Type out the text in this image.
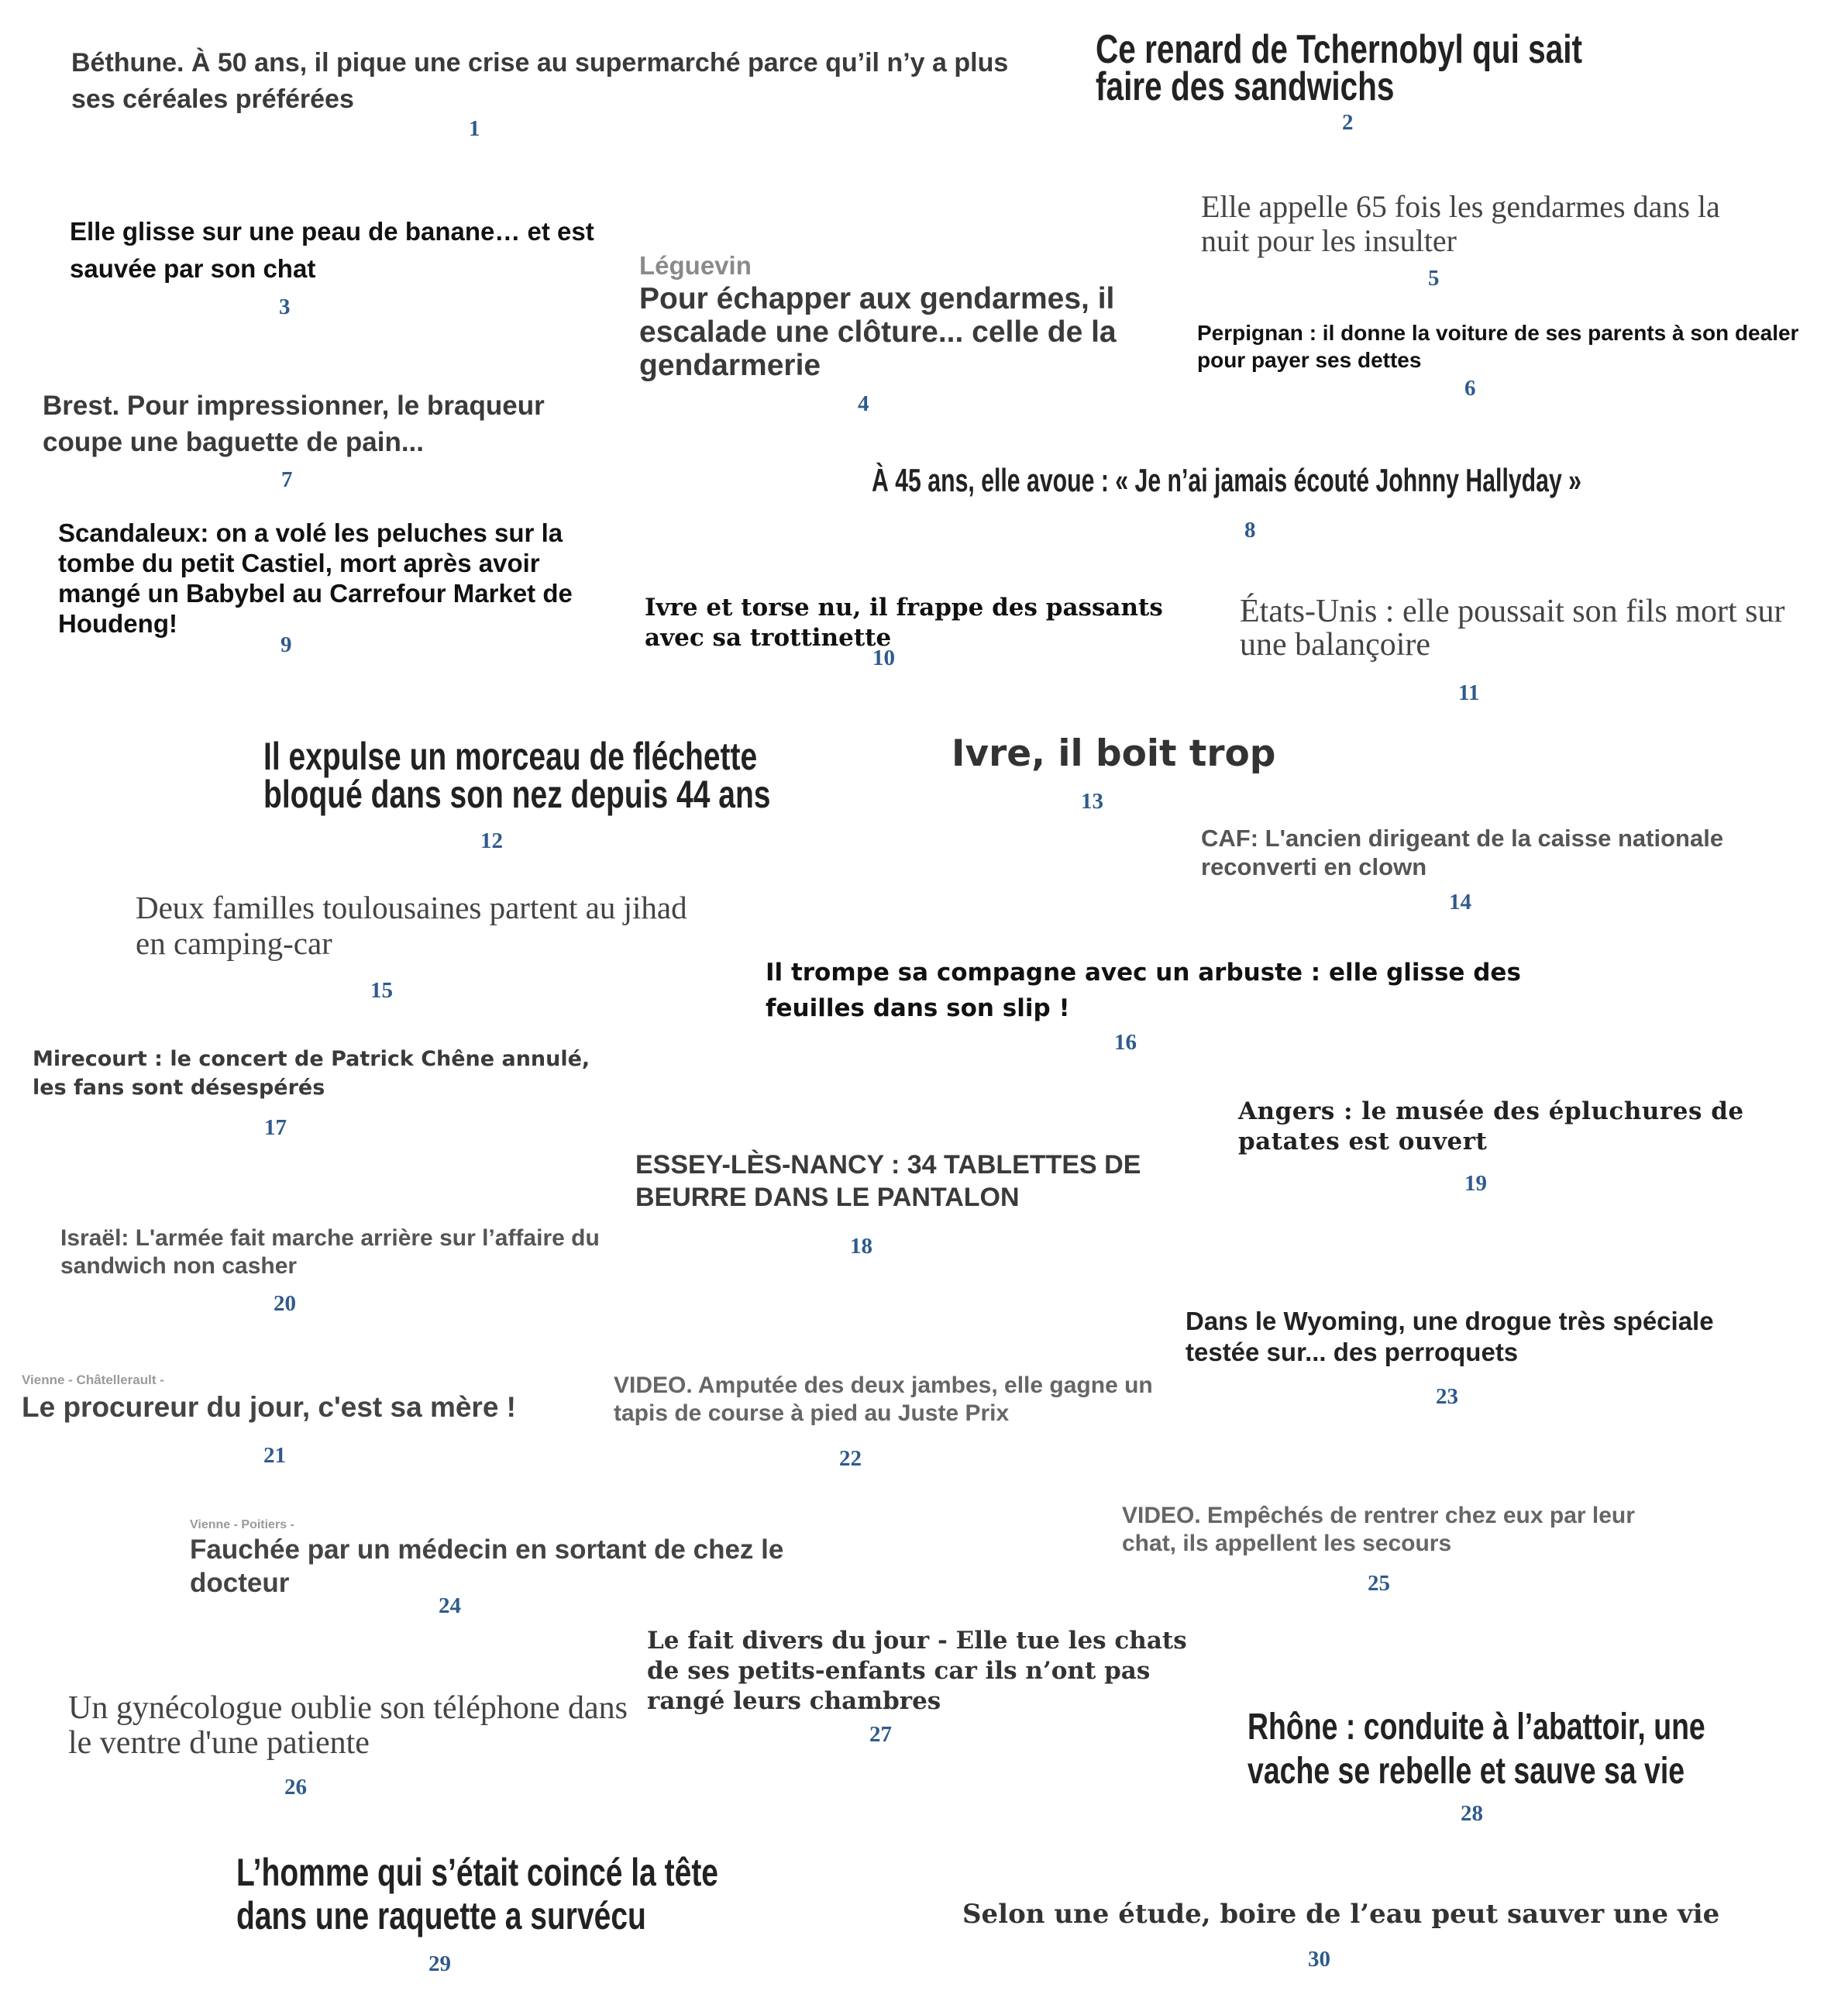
Béthune. À 50 ans, il pique une crise au supermarché parce qu’il n’y a plus ses céréales préférées
1
Ce renard de Tchernobyl qui sait faire des sandwichs
2
Elle glisse sur une peau de banane… et est sauvée par son chat
3
Léguevin
Pour échapper aux gendarmes, il escalade une clôture... celle de la gendarmerie
4
Elle appelle 65 fois les gendarmes dans la nuit pour les insulter
5
Perpignan : il donne la voiture de ses parents à son dealer pour payer ses dettes
6
Brest. Pour impressionner, le braqueur coupe une baguette de pain...
7	À 45 ans, elle avoue : « Je n’ai jamais écouté Johnny Hallyday »
8
Scandaleux: on a volé les peluches sur la tombe du petit Castiel, mort après avoir mangé un Babybel au Carrefour Market de Houdeng!
9
Ivre et torse nu, il frappe des passants avec sa trottinette
10
États-Unis : elle poussait son fils mort sur une balançoire
11
Il expulse un morceau de fléchette bloqué dans son nez depuis 44 ans
12
Ivre, il boit trop
13
CAF: L'ancien dirigeant de la caisse nationale reconverti en clown
14
Deux familles toulousaines partent au jihad en camping-car
15
Il trompe sa compagne avec un arbuste : elle glisse des feuilles dans son slip !
16
Mirecourt : le concert de Patrick Chêne annulé, les fans sont désespérés
17
ESSEY-LÈS-NANCY : 34 TABLETTES DE BEURRE DANS LE PANTALON
18
Angers : le musée des épluchures de patates est ouvert
19
Israël: L'armée fait marche arrière sur l’affaire du sandwich non casher
20
Vienne - Châtellerault -
Le procureur du jour, c'est sa mère !
21
VIDEO. Amputée des deux jambes, elle gagne un tapis de course à pied au Juste Prix
22
Dans le Wyoming, une drogue très spéciale testée sur... des perroquets
23
Vienne - Poitiers -
Fauchée par un médecin en sortant de chez le docteur
24
VIDEO. Empêchés de rentrer chez eux par leur chat, ils appellent les secours
25
Un gynécologue oublie son téléphone dans le ventre d'une patiente
26
Le fait divers du jour - Elle tue les chats de ses petits-enfants car ils n’ont pas rangé leurs chambres
27	Rhône : conduite à l’abattoir, une vache se rebelle et sauve sa vie
28
L’homme qui s’était coincé la tête dans une raquette a survécu
29
Selon une étude, boire de l’eau peut sauver une vie
30
